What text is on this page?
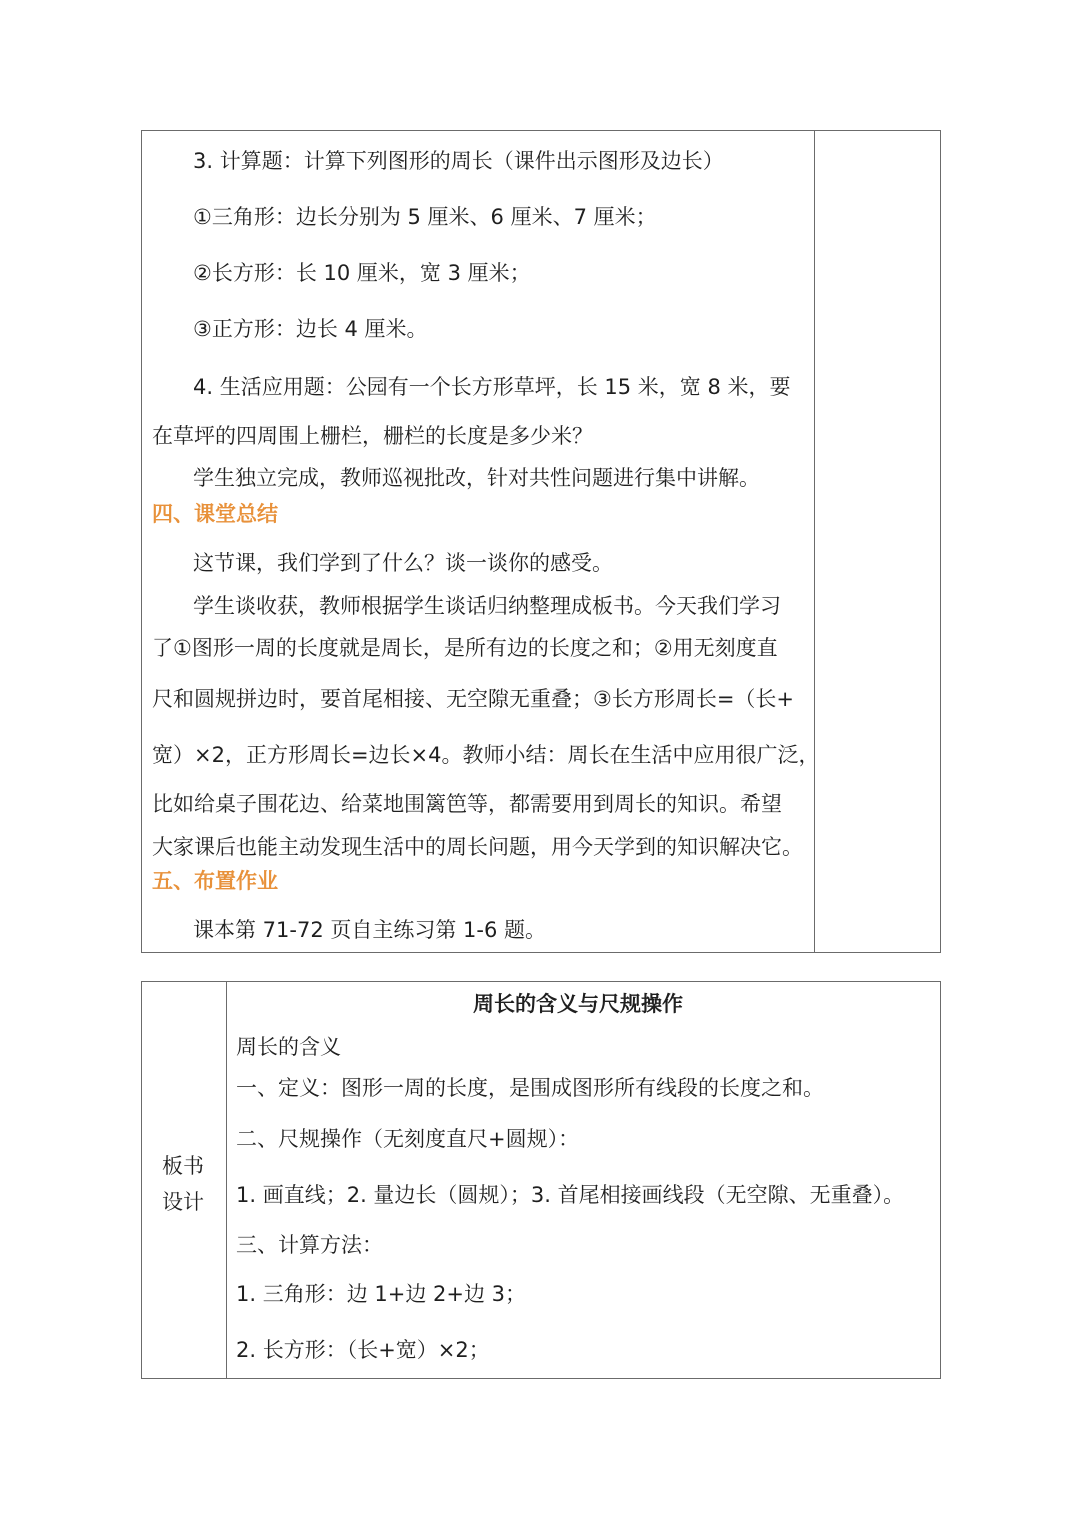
3. 计算题：计算下列图形的周长（课件出示图形及边长）
①三角形：边长分别为 5 厘米、6 厘米、7 厘米；
②长方形：长 10 厘米，宽 3 厘米；
③正方形：边长 4 厘米。
4. 生活应用题：公园有一个长方形草坪，长 15 米，宽 8 米，要
在草坪的四周围上栅栏，栅栏的长度是多少米？
学生独立完成，教师巡视批改，针对共性问题进行集中讲解。
四、课堂总结
这节课，我们学到了什么？谈一谈你的感受。
学生谈收获，教师根据学生谈话归纳整理成板书。今天我们学习
了①图形一周的长度就是周长，是所有边的长度之和；②用无刻度直
尺和圆规拼边时，要首尾相接、无空隙无重叠；③长方形周长=（长+
宽）×2，正方形周长=边长×4。教师小结：周长在生活中应用很广泛，
比如给桌子围花边、给菜地围篱笆等，都需要用到周长的知识。希望
大家课后也能主动发现生活中的周长问题，用今天学到的知识解决它。
五、布置作业
课本第 71-72 页自主练习第 1-6 题。
板书
设计
周长的含义与尺规操作
周长的含义
一、定义：图形一周的长度，是围成图形所有线段的长度之和。
二、尺规操作（无刻度直尺+圆规）：
1. 画直线；2. 量边长（圆规）；3. 首尾相接画线段（无空隙、无重叠）。
三、计算方法：
1. 三角形：边 1+边 2+边 3；
2. 长方形：（长+宽）×2；
